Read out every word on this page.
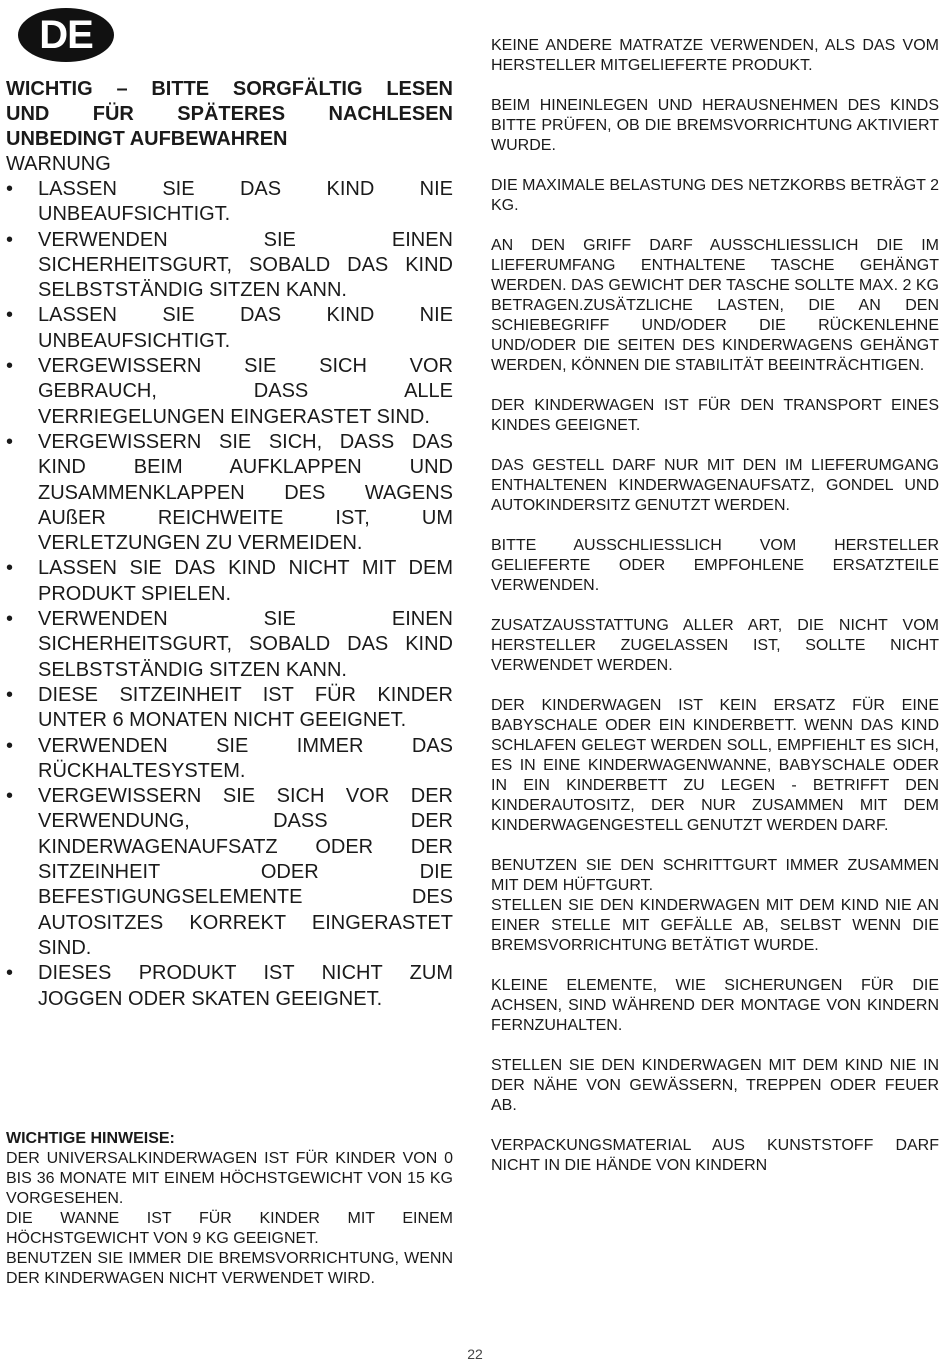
DE
WICHTIG – BITTE SORGFÄLTIG LESEN
UND FÜR SPÄTERES NACHLESEN
UNBEDINGT AUFBEWAHREN
WARNUNG
• LASSEN SIE DAS KIND NIE UNBEAUFSICHTIGT.
• VERWENDEN SIE EINEN SICHERHEITSGURT, SOBALD DAS KIND SELBSTSTÄNDIG SITZEN KANN.
• LASSEN SIE DAS KIND NIE UNBEAUFSICHTIGT.
• VERGEWISSERN SIE SICH VOR GEBRAUCH, DASS ALLE VERRIEGELUNGEN EINGERASTET SIND.
• VERGEWISSERN SIE SICH, DASS DAS KIND BEIM AUFKLAPPEN UND ZUSAMMENKLAPPEN DES WAGENS AUßER REICHWEITE IST, UM VERLETZUNGEN ZU VERMEIDEN.
• LASSEN SIE DAS KIND NICHT MIT DEM PRODUKT SPIELEN.
• VERWENDEN SIE EINEN SICHERHEITSGURT, SOBALD DAS KIND SELBSTSTÄNDIG SITZEN KANN.
• DIESE SITZEINHEIT IST FÜR KINDER UNTER 6 MONATEN NICHT GEEIGNET.
• VERWENDEN SIE IMMER DAS RÜCKHALTESYSTEM.
• VERGEWISSERN SIE SICH VOR DER VERWENDUNG, DASS DER KINDERWAGENAUFSATZ ODER DER SITZEINHEIT ODER DIE BEFESTIGUNGSELEMENTE DES AUTOSITZES KORREKT EINGERASTET SIND.
• DIESES PRODUKT IST NICHT ZUM JOGGEN ODER SKATEN GEEIGNET.
WICHTIGE HINWEISE:

DER UNIVERSALKINDERWAGEN IST FÜR KINDER VON 0 BIS 36 MONATE MIT EINEM HÖCHSTGEWICHT VON 15 KG VORGESEHEN.

DIE WANNE IST FÜR KINDER MIT EINEM HÖCHSTGEWICHT VON 9 KG GEEIGNET.

BENUTZEN SIE IMMER DIE BREMSVORRICHTUNG, WENN DER KINDERWAGEN NICHT VERWENDET WIRD.

KEINE ANDERE MATRATZE VERWENDEN, ALS DAS VOM HERSTELLER MITGELIEFERTE PRODUKT.

BEIM HINEINLEGEN UND HERAUSNEHMEN DES KINDS BITTE PRÜFEN, OB DIE BREMSVORRICHTUNG AKTIVIERT WURDE.

DIE MAXIMALE BELASTUNG DES NETZKORBS BETRÄGT 2 KG.

AN DEN GRIFF DARF AUSSCHLIESSLICH DIE IM LIEFERUMFANG ENTHALTENE TASCHE GEHÄNGT WERDEN. DAS GEWICHT DER TASCHE SOLLTE MAX. 2 KG BETRAGEN.ZUSÄTZLICHE LASTEN, DIE AN DEN SCHIEBEGRIFF UND/ODER DIE RÜCKENLEHNE UND/ODER DIE SEITEN DES KINDERWAGENS GEHÄNGT WERDEN, KÖNNEN DIE STABILITÄT BEEINTRÄCHTIGEN.

DER KINDERWAGEN IST FÜR DEN TRANSPORT EINES KINDES GEEIGNET.

DAS GESTELL DARF NUR MIT DEN IM LIEFERUMGANG ENTHALTENEN KINDERWAGENAUFSATZ, GONDEL UND AUTOKINDERSITZ GENUTZT WERDEN.

BITTE AUSSCHLIESSLICH VOM HERSTELLER GELIEFERTE ODER EMPFOHLENE ERSATZTEILE VERWENDEN.

ZUSATZAUSSTATTUNG ALLER ART, DIE NICHT VOM HERSTELLER ZUGELASSEN IST, SOLLTE NICHT VERWENDET WERDEN.

DER KINDERWAGEN IST KEIN ERSATZ FÜR EINE BABYSCHALE ODER EIN KINDERBETT. WENN DAS KIND SCHLAFEN GELEGT WERDEN SOLL, EMPFIEHLT ES SICH, ES IN EINE KINDERWAGENWANNE, BABYSCHALE ODER IN EIN KINDERBETT ZU LEGEN - BETRIFFT DEN KINDERAUTOSITZ, DER NUR ZUSAMMEN MIT DEM KINDERWAGENGESTELL GENUTZT WERDEN DARF.

BENUTZEN SIE DEN SCHRITTGURT IMMER ZUSAMMEN MIT DEM HÜFTGURT.

STELLEN SIE DEN KINDERWAGEN MIT DEM KIND NIE AN EINER STELLE MIT GEFÄLLE AB, SELBST WENN DIE BREMSVORRICHTUNG BETÄTIGT WURDE.

KLEINE ELEMENTE, WIE SICHERUNGEN FÜR DIE ACHSEN, SIND WÄHREND DER MONTAGE VON KINDERN FERNZUHALTEN.

STELLEN SIE DEN KINDERWAGEN MIT DEM KIND NIE IN DER NÄHE VON GEWÄSSERN, TREPPEN ODER FEUER AB.

VERPACKUNGSMATERIAL AUS KUNSTSTOFF DARF NICHT IN DIE HÄNDE VON KINDERN

22
